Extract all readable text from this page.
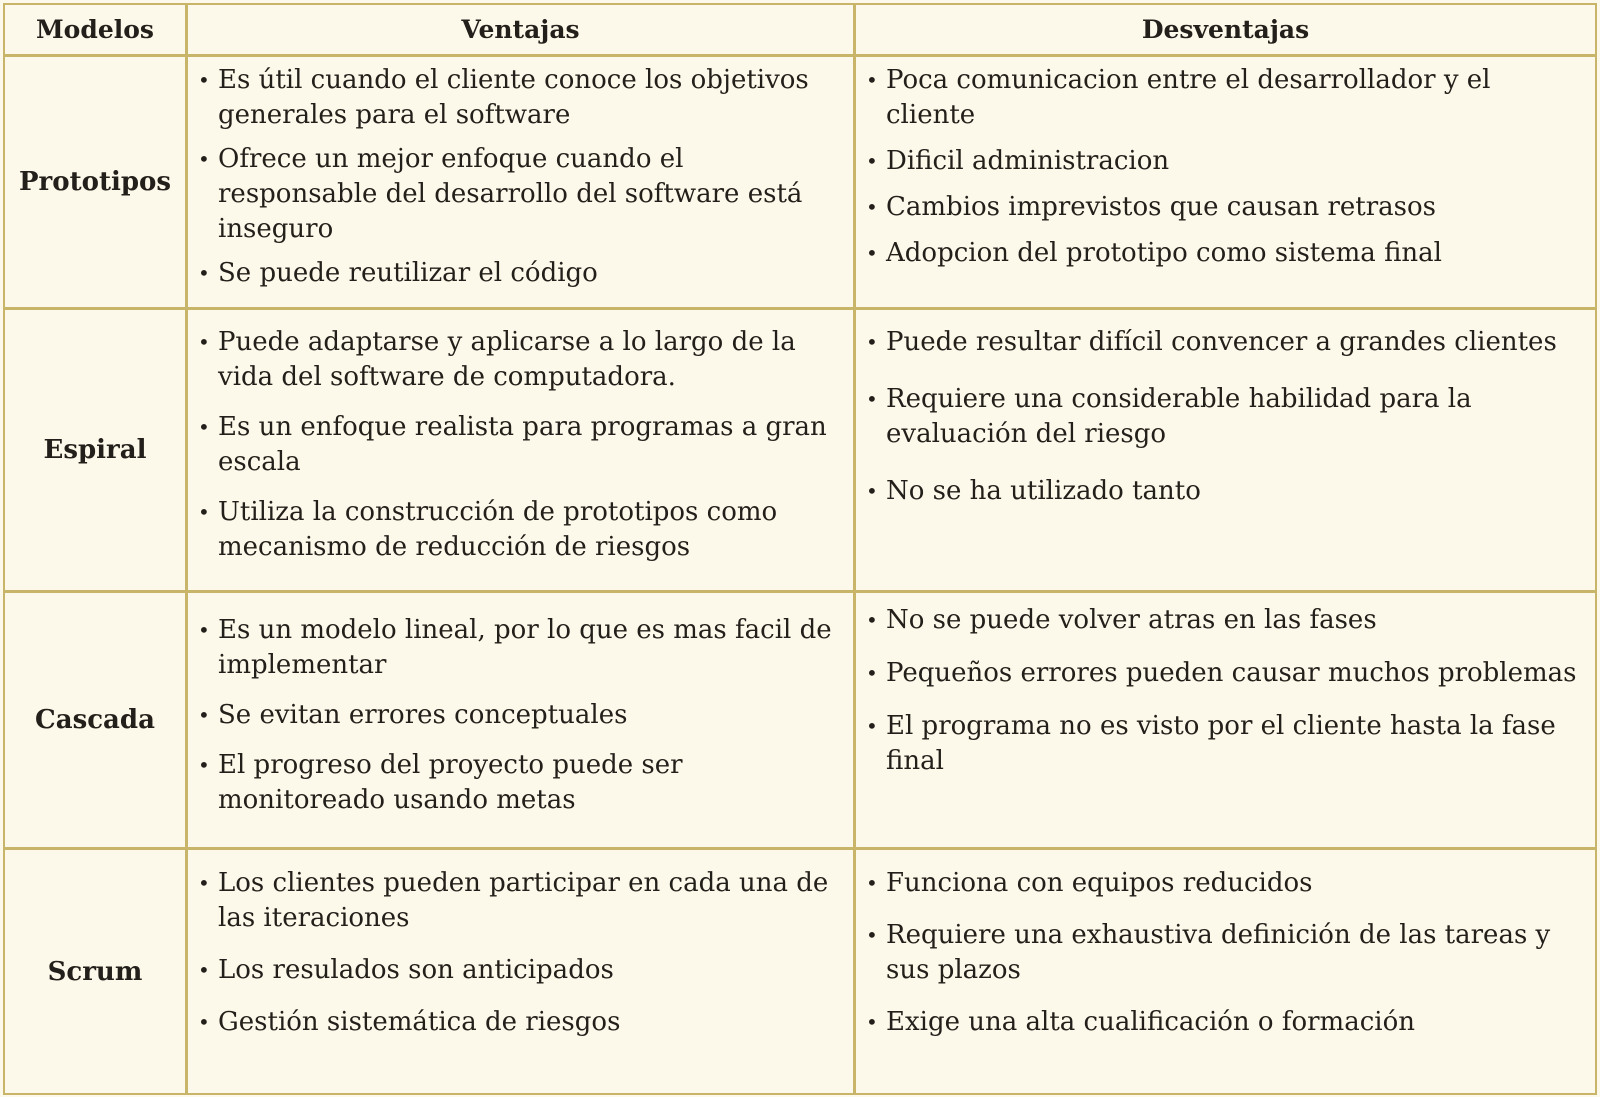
Modelos	Ventajas	Desventajas
Prototipos
• Es útil cuando el cliente conoce los objetivos generales para el software
• Ofrece un mejor enfoque cuando el responsable del desarrollo del software está inseguro
• Se puede reutilizar el código
• Poca comunicacion entre el desarrollador y el cliente
• Dificil administracion
• Cambios imprevistos que causan retrasos
• Adopcion del prototipo como sistema final
Espiral
• Puede adaptarse y aplicarse a lo largo de la vida del software de computadora.
• Es un enfoque realista para programas a gran escala
• Utiliza la construcción de prototipos como mecanismo de reducción de riesgos
• Puede resultar difícil convencer a grandes clientes
• Requiere una considerable habilidad para la evaluación del riesgo
• No se ha utilizado tanto
Cascada
• Es un modelo lineal, por lo que es mas facil de implementar
• Se evitan errores conceptuales
• El progreso del proyecto puede ser monitoreado usando metas
• No se puede volver atras en las fases
• Pequeños errores pueden causar muchos problemas
• El programa no es visto por el cliente hasta la fase final
Scrum
• Los clientes pueden participar en cada una de las iteraciones
• Los resulados son anticipados
• Gestión sistemática de riesgos
• Funciona con equipos reducidos
• Requiere una exhaustiva definición de las tareas y sus plazos
• Exige una alta cualificación o formación
